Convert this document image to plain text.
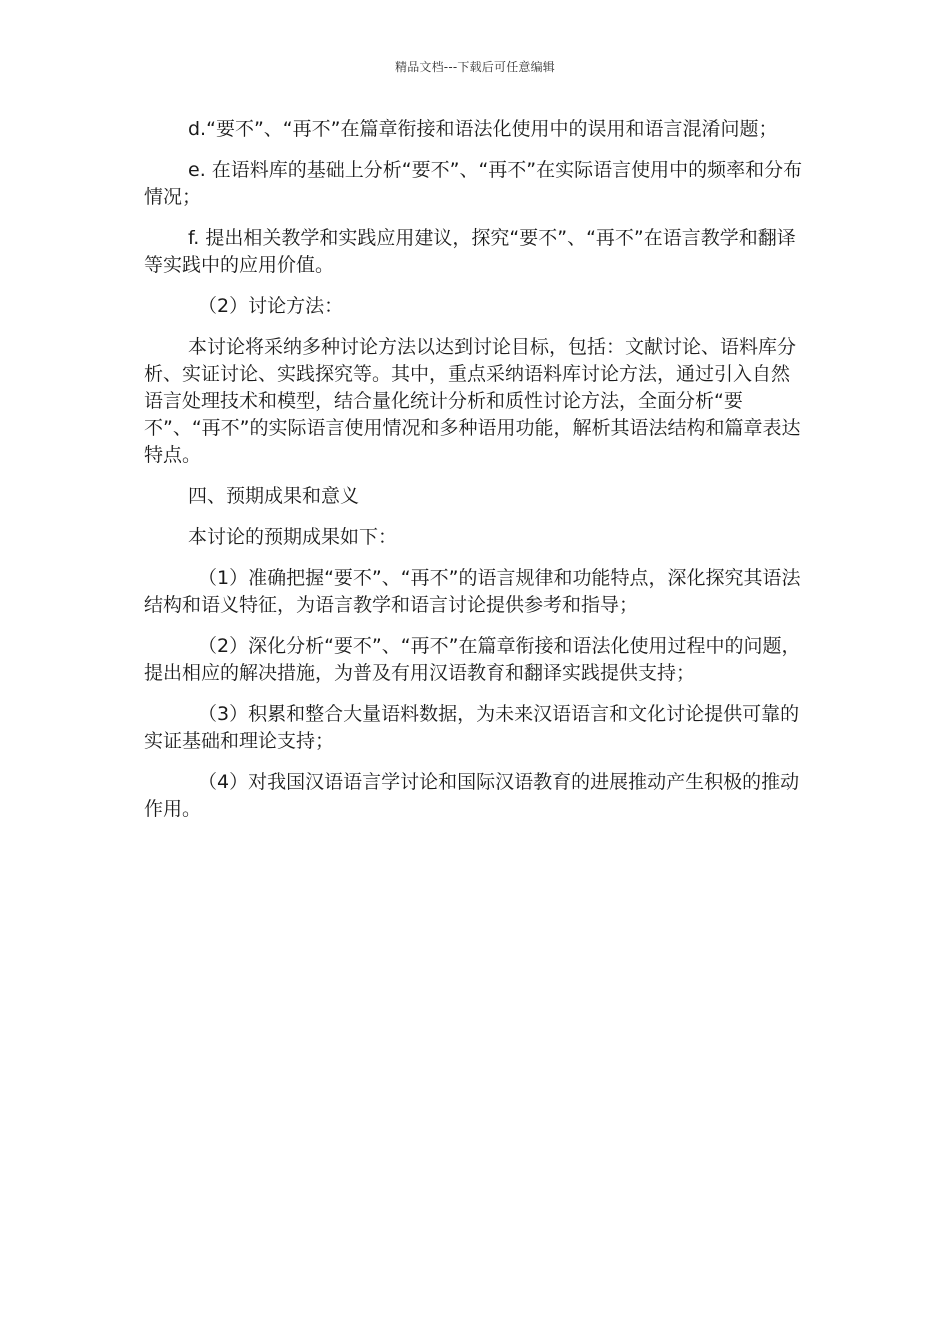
精品文档---下载后可任意编辑

d.“要不”、“再不”在篇章衔接和语法化使用中的误用和语言混淆问题；

e. 在语料库的基础上分析“要不”、“再不”在实际语言使用中的频率和分布情况；

f. 提出相关教学和实践应用建议，探究“要不”、“再不”在语言教学和翻译等实践中的应用价值。

（2）讨论方法：

本讨论将采纳多种讨论方法以达到讨论目标，包括：文献讨论、语料库分析、实证讨论、实践探究等。其中，重点采纳语料库讨论方法，通过引入自然语言处理技术和模型，结合量化统计分析和质性讨论方法，全面分析“要不”、“再不”的实际语言使用情况和多种语用功能，解析其语法结构和篇章表达特点。

四、预期成果和意义

本讨论的预期成果如下：

（1）准确把握“要不”、“再不”的语言规律和功能特点，深化探究其语法结构和语义特征，为语言教学和语言讨论提供参考和指导；

（2）深化分析“要不”、“再不”在篇章衔接和语法化使用过程中的问题，提出相应的解决措施，为普及有用汉语教育和翻译实践提供支持；

（3）积累和整合大量语料数据，为未来汉语语言和文化讨论提供可靠的实证基础和理论支持；

（4）对我国汉语语言学讨论和国际汉语教育的进展推动产生积极的推动作用。
